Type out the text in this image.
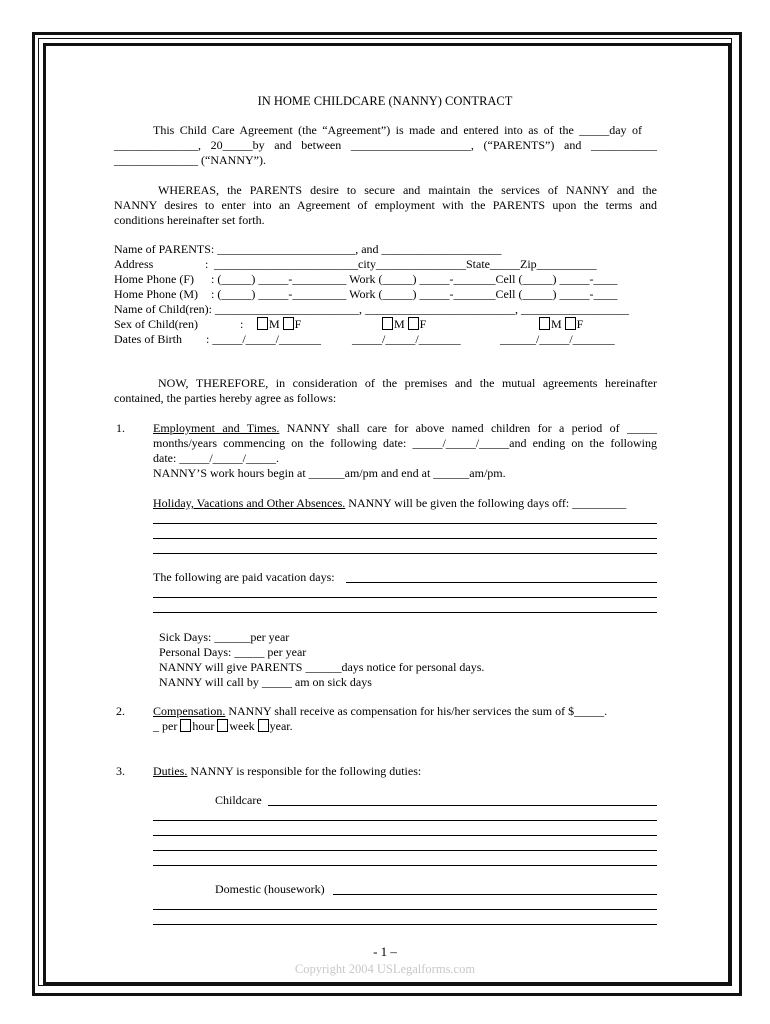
IN HOME CHILDCARE (NANNY) CONTRACT
This Child Care Agreement (the “Agreement”) is made and entered into as of the _____day of
______________, 20_____by and between ____________________, (“PARENTS”) and ___________
______________ (“NANNY”).
WHEREAS, the PARENTS desire to secure and maintain the services of NANNY and the
NANNY desires to enter into an Agreement of employment with the PARENTS upon the terms and
conditions hereinafter set forth.
Name of PARENTS: _______________________, and ____________________
Address	: ________________________city_______________State_____Zip__________
Home Phone (F) : (_____) _____-_________ Work (_____) _____-_______Cell (_____) _____-____
Home Phone (M) : (_____) _____-_________ Work (_____) _____-_______Cell (_____) _____-____
Name of Child(ren): ________________________, _________________________, __________________
Sex of Child(ren)	:	M F	M F	M F
Dates of Birth : _____/_____/_______	_____/_____/_______	______/_____/_______
NOW, THEREFORE, in consideration of the premises and the mutual agreements hereinafter
contained, the parties hereby agree as follows:
1. Employment and Times. NANNY shall care for above named children for a period of _____
months/years commencing on the following date: _____/_____/_____and ending on the following
date: _____/_____/_____.
NANNY’S work hours begin at ______am/pm and end at ______am/pm.
Holiday, Vacations and Other Absences. NANNY will be given the following days off: _________
The following are paid vacation days:
Sick Days: ______per year
Personal Days: _____ per year
NANNY will give PARENTS ______days notice for personal days.
NANNY will call by _____ am on sick days
2. Compensation. NANNY shall receive as compensation for his/her services the sum of $_____.
_ per hour week year.
3. Duties. NANNY is responsible for the following duties:
Childcare
Domestic (housework)
- 1 –
Copyright 2004 USLegalforms.com
